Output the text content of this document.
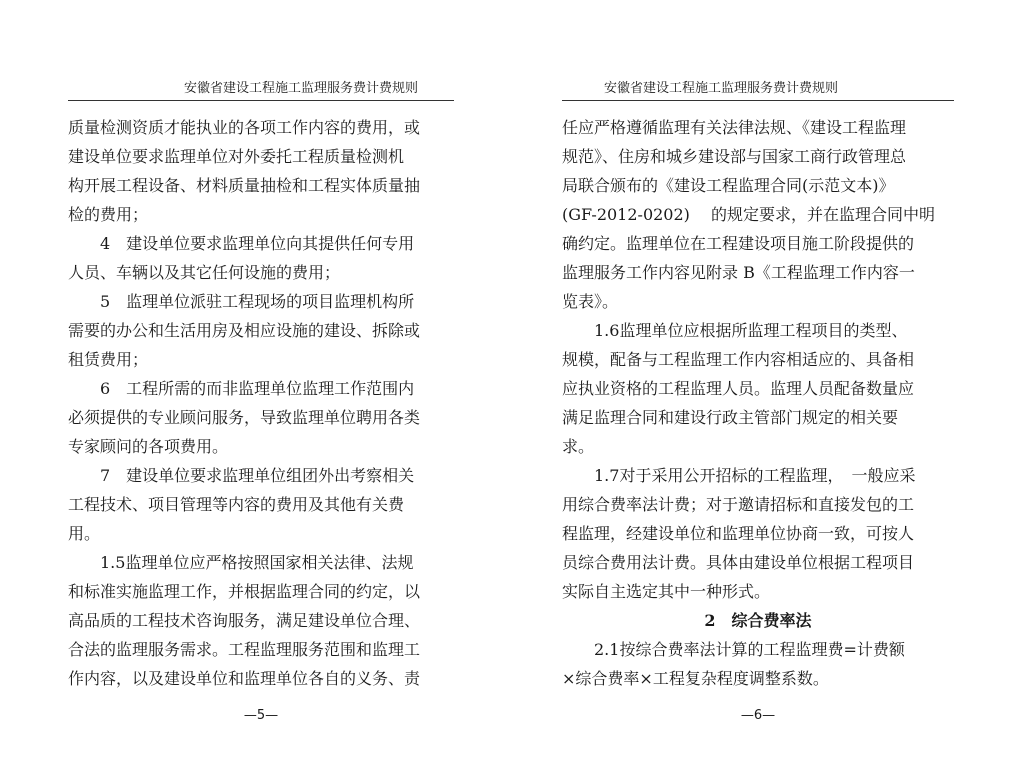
安徽省建设工程施工监理服务费计费规则
质量检测资质才能执业的各项工作内容的费用，或
建设单位要求监理单位对外委托工程质量检测机
构开展工程设备、材料质量抽检和工程实体质量抽
检的费用；
　　4　建设单位要求监理单位向其提供任何专用
人员、车辆以及其它任何设施的费用；
　　5　监理单位派驻工程现场的项目监理机构所
需要的办公和生活用房及相应设施的建设、拆除或
租赁费用；
　　6　工程所需的而非监理单位监理工作范围内
必须提供的专业顾问服务，导致监理单位聘用各类
专家顾问的各项费用。
　　7　建设单位要求监理单位组团外出考察相关
工程技术、项目管理等内容的费用及其他有关费
用。
　　1.5监理单位应严格按照国家相关法律、法规
和标准实施监理工作，并根据监理合同的约定，以
高品质的工程技术咨询服务，满足建设单位合理、
合法的监理服务需求。工程监理服务范围和监理工
作内容，以及建设单位和监理单位各自的义务、责
—5—
安徽省建设工程施工监理服务费计费规则
任应严格遵循监理有关法律法规、《建设工程监理
规范》、住房和城乡建设部与国家工商行政管理总
局联合颁布的《建设工程监理合同(示范文本)》
(GF-2012-0202)　 的规定要求，并在监理合同中明
确约定。监理单位在工程建设项目施工阶段提供的
监理服务工作内容见附录 B《工程监理工作内容一
览表》。
　　1.6监理单位应根据所监理工程项目的类型、
规模，配备与工程监理工作内容相适应的、具备相
应执业资格的工程监理人员。监理人员配备数量应
满足监理合同和建设行政主管部门规定的相关要
求。
　　1.7对于采用公开招标的工程监理，　一般应采
用综合费率法计费；对于邀请招标和直接发包的工
程监理，经建设单位和监理单位协商一致，可按人
员综合费用法计费。具体由建设单位根据工程项目
实际自主选定其中一种形式。
2　综合费率法
　　2.1按综合费率法计算的工程监理费=计费额
×综合费率×工程复杂程度调整系数。
—6—
